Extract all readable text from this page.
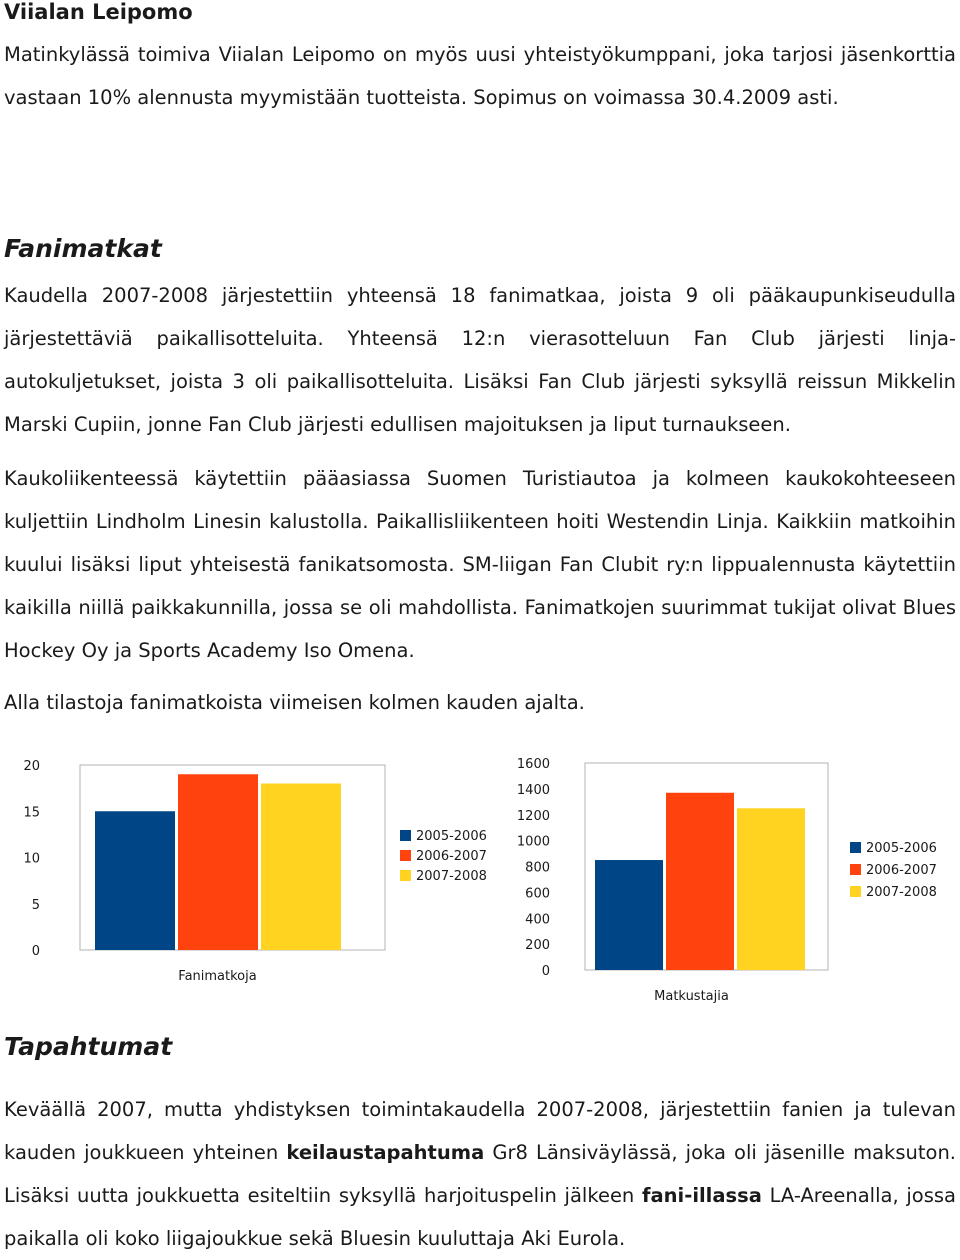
Viialan Leipomo

Matinkylässä toimiva Viialan Leipomo on myös uusi yhteistyökumppani, joka tarjosi jäsenkorttia vastaan 10% alennusta myymistään tuotteista. Sopimus on voimassa 30.4.2009 asti.

Fanimatkat

Kaudella 2007-2008 järjestettiin yhteensä 18 fanimatkaa, joista 9 oli pääkaupunkiseudulla järjestettäviä paikallisotteluita. Yhteensä 12:n vierasotteluun Fan Club järjesti linja-autokuljetukset, joista 3 oli paikallisotteluita. Lisäksi Fan Club järjesti syksyllä reissun Mikkelin Marski Cupiin, jonne Fan Club järjesti edullisen majoituksen ja liput turnaukseen.

Kaukoliikenteessä käytettiin pääasiassa Suomen Turistiautoa ja kolmeen kaukokohteeseen kuljettiin Lindholm Linesin kalustolla. Paikallisliikenteen hoiti Westendin Linja. Kaikkiin matkoihin kuului lisäksi liput yhteisestä fanikatsomosta. SM-liigan Fan Clubit ry:n lippualennusta käytettiin kaikilla niillä paikkakunnilla, jossa se oli mahdollista. Fanimatkojen suurimmat tukijat olivat Blues Hockey Oy ja Sports Academy Iso Omena.

Alla tilastoja fanimatkoista viimeisen kolmen kauden ajalta.

0
5
10
15
20
Fanimatkoja
2005-2006
2006-2007
2007-2008
0
200
400
600
800
1000
1200
1400
1600
Matkustajia
2005-2006
2006-2007
2007-2008
Tapahtumat

Keväällä 2007, mutta yhdistyksen toimintakaudella 2007-2008, järjestettiin fanien ja tulevan kauden joukkueen yhteinen keilaustapahtuma Gr8 Länsiväylässä, joka oli jäsenille maksuton. Lisäksi uutta joukkuetta esiteltiin syksyllä harjoituspelin jälkeen fani-illassa LA-Areenalla, jossa paikalla oli koko liigajoukkue sekä Bluesin kuuluttaja Aki Eurola.
